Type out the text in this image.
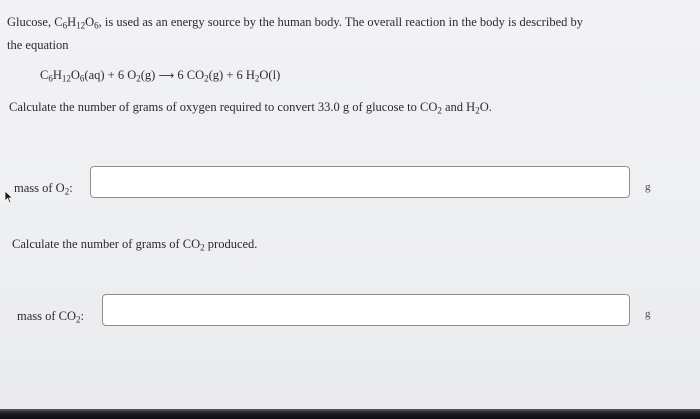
Glucose, $C_6H_{12}O_6$, is used as an energy source by the human body. The overall reaction in the body is described by
the equation
$C_6H_{12}O_6(aq) + 6$ $O_2(g)$ ⟶ 6 $CO_2(g) + 6$ $H_2O(l)$
Calculate the number of grams of oxygen required to convert 33.0 g of glucose to $CO_2$ and $H_2O$.
mass of $O_2$:	g
Calculate the number of grams of $CO_2$ produced.
mass of $CO_2$:	g
